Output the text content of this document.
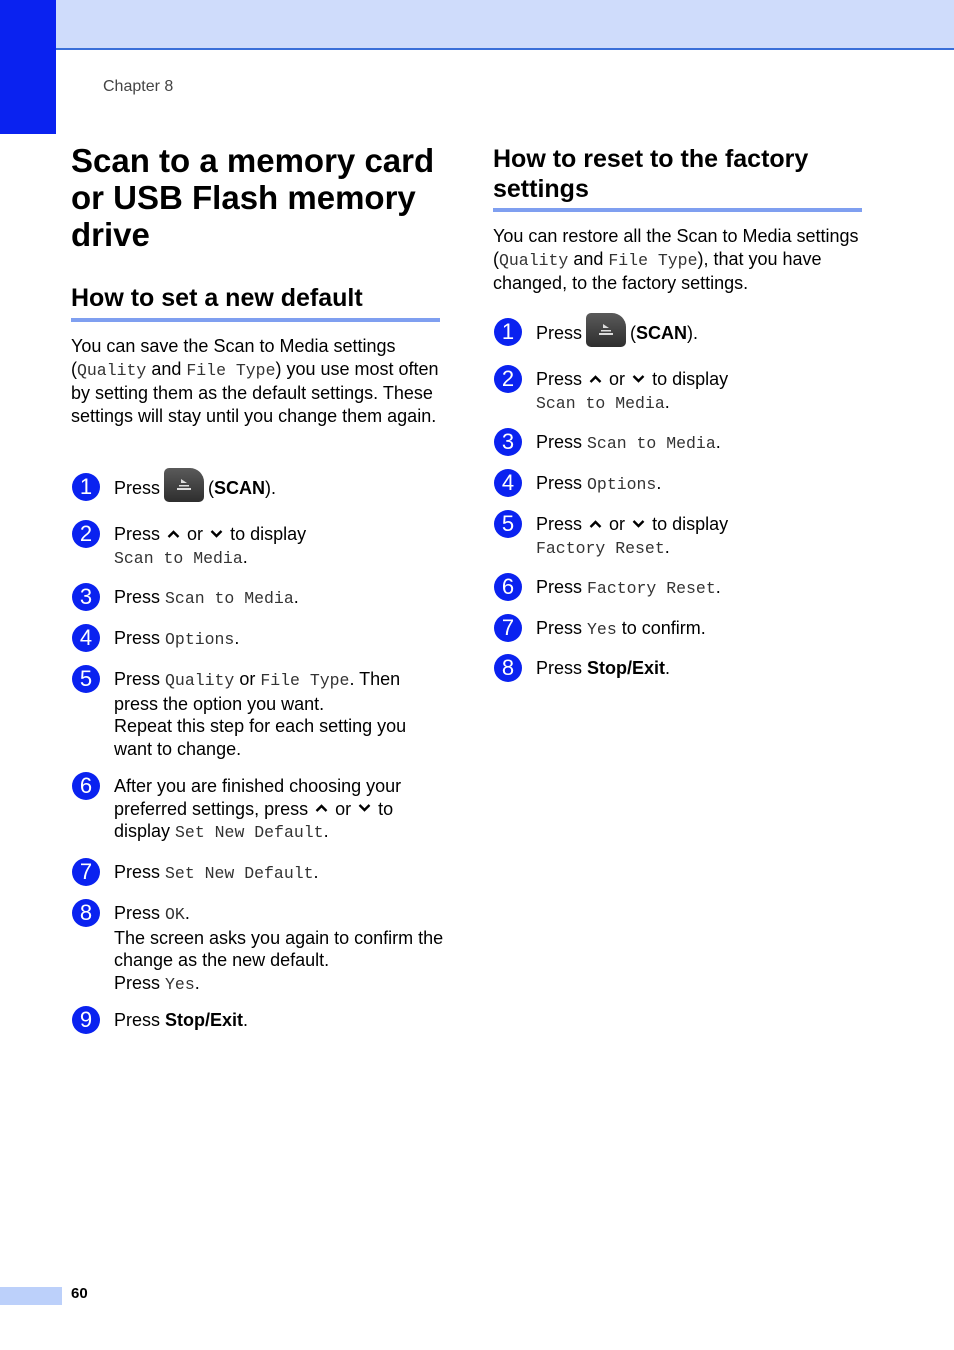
Chapter 8
Scan to a memory card or USB Flash memory drive
How to set a new default

You can save the Scan to Media settings (Quality and File Type) you use most often by setting them as the default settings. These settings will stay until you change them again.

1	Press	(SCAN).
2	Press or to display
Scan to Media.
3	Press Scan to Media.
4	Press Options.
5	Press Quality or File Type. Then press the option you want.
Repeat this step for each setting you want to change.
6	After you are finished choosing your preferred settings, press or to display Set New Default.
7	Press Set New Default.
8	Press OK.
The screen asks you again to confirm the change as the new default.
Press Yes.
9	Press Stop/Exit.
How to reset to the factory settings

You can restore all the Scan to Media settings (Quality and File Type), that you have changed, to the factory settings.

1	Press	(SCAN).
2	Press or to display
Scan to Media.
3	Press Scan to Media.
4	Press Options.
5	Press or to display
Factory Reset.
6	Press Factory Reset.
7	Press Yes to confirm.
8	Press Stop/Exit.
60
